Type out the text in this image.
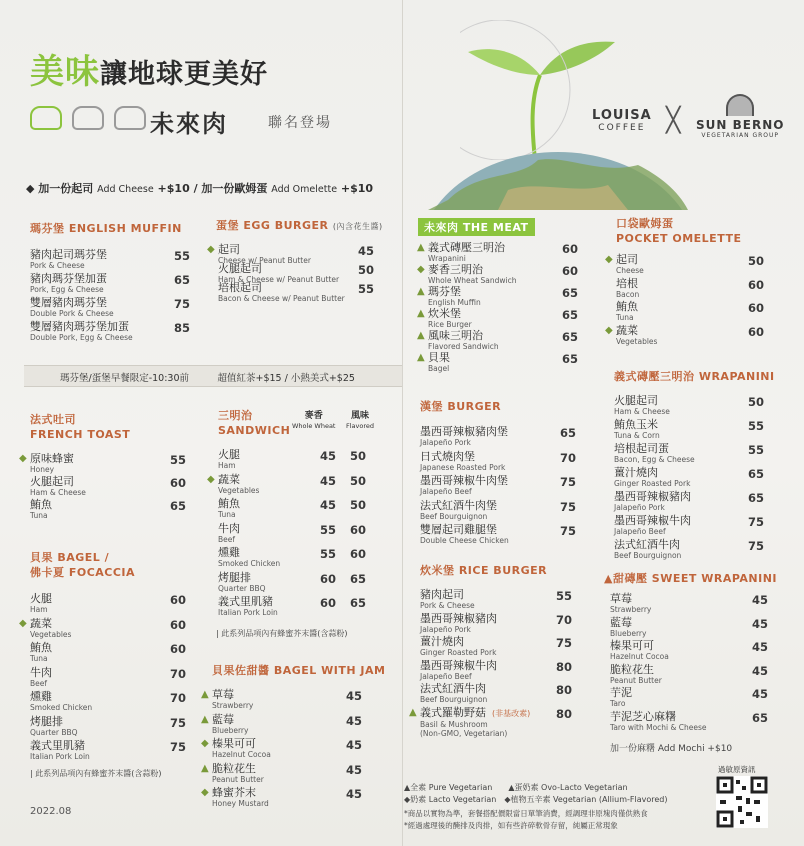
美味讓地球更美好
未來肉	聯名登場	LOUISA
COFFEE ╳ SUN BERNO
VEGETARIAN GROUP
◆ 加一份起司 Add Cheese +$10 / 加一份歐姆蛋 Add Omelette +$10
瑪芬堡 ENGLISH MUFFIN
豬肉起司瑪芬堡
Pork & Cheese
55
豬肉瑪芬堡加蛋
Pork, Egg & Cheese
65
雙層豬肉瑪芬堡
Double Pork & Cheese
75
雙層豬肉瑪芬堡加蛋
Double Pork, Egg & Cheese
85
蛋堡 EGG BURGER (內含花生醬)
◆ 起司
Cheese w/ Peanut Butter
45
火腿起司
Ham & Cheese w/ Peanut Butter
50
培根起司
Bacon & Cheese w/ Peanut Butter
55
瑪芬堡/蛋堡早餐限定-10:30前　　　超值紅茶+$15 / 小熱美式+$25
法式吐司
FRENCH TOAST
◆ 原味蜂蜜
Honey
55
火腿起司
Ham & Cheese
60
鮪魚
Tuna
65
三明治
SANDWICH
麥香
Whole Wheat
風味
Flavored
火腿
Ham
45 50
◆ 蔬菜
Vegetables
45 50
鮪魚
Tuna
45 50
牛肉
Beef
55 60
燻雞
Smoked Chicken
55 60
烤腿排
Quarter BBQ
60 65
義式里肌豬
Italian Pork Loin
60 65
| 此系列品項內有蜂蜜芥末醬(含蒜粉)
貝果 BAGEL /
佛卡夏 FOCACCIA
火腿
Ham
60
◆ 蔬菜
Vegetables
60
鮪魚
Tuna
60
牛肉
Beef
70
燻雞
Smoked Chicken
70
烤腿排
Quarter BBQ
75
義式里肌豬
Italian Pork Loin
75
| 此系列品項內有蜂蜜芥末醬(含蒜粉)
貝果佐甜醬 BAGEL WITH JAM
▲ 草莓
Strawberry
45
▲ 藍莓
Blueberry
45
◆ 榛果可可
Hazelnut Cocoa
45
▲ 脆粒花生
Peanut Butter
45
◆ 蜂蜜芥末
Honey Mustard
45
2022.08
未來肉 THE MEAT
▲ 義式磚壓三明治
Wrapanini
60
◆ 麥香三明治
Whole Wheat Sandwich
60
▲ 瑪芬堡
English Muffin
65
▲ 炊米堡
Rice Burger
65
▲ 風味三明治
Flavored Sandwich
65
▲ 貝果
Bagel
65
漢堡 BURGER
墨西哥辣椒豬肉堡
Jalapeño Pork
65
日式燒肉堡
Japanese Roasted Pork
70
墨西哥辣椒牛肉堡
Jalapeño Beef
75
法式紅酒牛肉堡
Beef Bourguignon
75
雙層起司雞腿堡
Double Cheese Chicken
75
炊米堡 RICE BURGER
豬肉起司
Pork & Cheese
55
墨西哥辣椒豬肉
Jalapeño Pork
70
薑汁燒肉
Ginger Roasted Pork
75
墨西哥辣椒牛肉
Jalapeño Beef
80
法式紅酒牛肉
Beef Bourguignon
80
▲ 義式羅勒野菇 (非基改素)
Basil & Mushroom
(Non-GMO, Vegetarian)
80
口袋歐姆蛋
POCKET OMELETTE
◆ 起司
Cheese
50
培根
Bacon
60
鮪魚
Tuna
60
◆ 蔬菜
Vegetables
60
義式磚壓三明治 WRAPANINI
火腿起司
Ham & Cheese
50
鮪魚玉米
Tuna & Corn
55
培根起司蛋
Bacon, Egg & Cheese
55
薑汁燒肉
Ginger Roasted Pork
65
墨西哥辣椒豬肉
Jalapeño Pork
65
墨西哥辣椒牛肉
Jalapeño Beef
75
法式紅酒牛肉
Beef Bourguignon
75
▲甜磚壓 SWEET WRAPANINI
草莓
Strawberry
45
藍莓
Blueberry
45
榛果可可
Hazelnut Cocoa
45
脆粒花生
Peanut Butter
45
芋泥
Taro
45
芋泥芝心麻糬
Taro with Mochi & Cheese
65
加一份麻糬 Add Mochi +$10
▲全素 Pure Vegetarian　　 ▲蛋奶素 Ovo-Lacto Vegetarian
◆奶素 Lacto Vegetarian　 ◆植物五辛素 Vegetarian (Allium-Flavored)
*商品以實物為準，套餐搭配價限當日單筆消費，經調理非原塊肉僅供熟食
*經過處理後的醃排及肉排，如有些許碎軟骨存留，純屬正常現象
過敏原資訊
